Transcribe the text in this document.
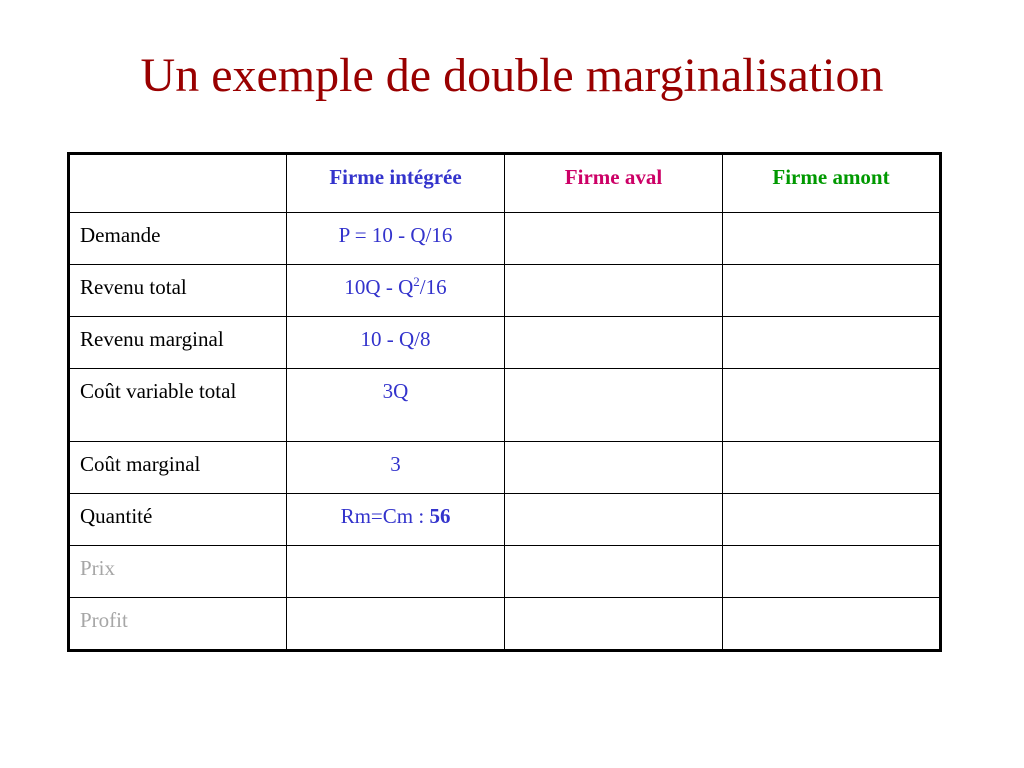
Un exemple de double marginalisation
	Firme intégrée	Firme aval	Firme amont
Demande	P = 10 - Q/16		
Revenu total	$10Q - Q^2/16$		
Revenu marginal	10 - Q/8		
Coût variable total	3Q		
Coût marginal	3		
Quantité	Rm=Cm : 56		
Prix			
Profit			
